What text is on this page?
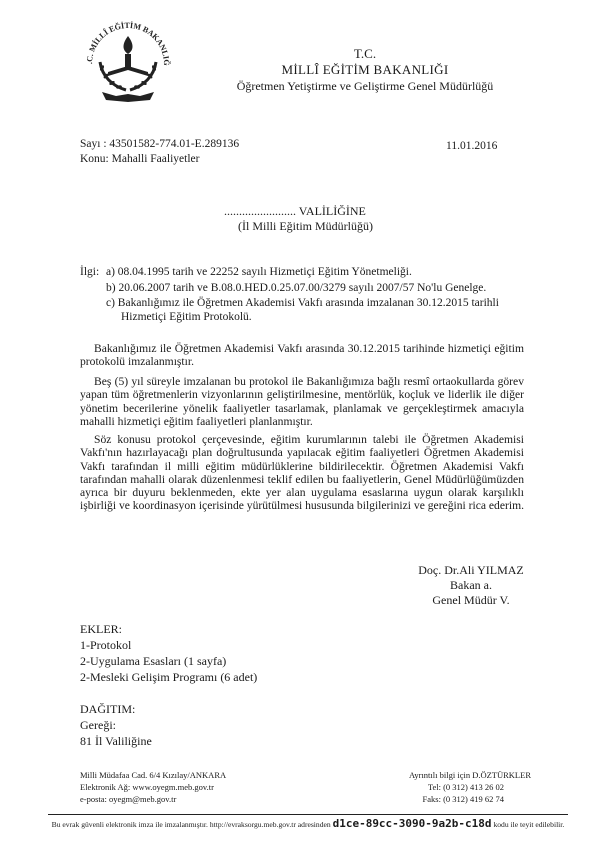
.C. MİLLÎ EĞİTİM BAKANLIĞ
T.C.
MİLLÎ EĞİTİM BAKANLIĞI
Öğretmen Yetiştirme ve Geliştirme Genel Müdürlüğü
Sayı : 43501582-774.01-E.289136
Konu: Mahalli Faaliyetler
11.01.2016
........................ VALİLİĞİNE
(İl Milli Eğitim Müdürlüğü)
İlgi: a) 08.04.1995 tarih ve 22252 sayılı Hizmetiçi Eğitim Yönetmeliği.
b) 20.06.2007 tarih ve B.08.0.HED.0.25.07.00/3279 sayılı 2007/57 No'lu Genelge.
c) Bakanlığımız ile Öğretmen Akademisi Vakfı arasında imzalanan 30.12.2015 tarihli
Hizmetiçi Eğitim Protokolü.

Bakanlığımız ile Öğretmen Akademisi Vakfı arasında 30.12.2015 tarihinde hizmetiçi eğitim protokolü imzalanmıştır.

Beş (5) yıl süreyle imzalanan bu protokol ile Bakanlığımıza bağlı resmî ortaokullarda görev yapan tüm öğretmenlerin vizyonlarının geliştirilmesine, mentörlük, koçluk ve liderlik ile diğer yönetim becerilerine yönelik faaliyetler tasarlamak, planlamak ve gerçekleştirmek amacıyla mahalli hizmetiçi eğitim faaliyetleri planlanmıştır.

Söz konusu protokol çerçevesinde, eğitim kurumlarının talebi ile Öğretmen Akademisi Vakfı'nın hazırlayacağı plan doğrultusunda yapılacak eğitim faaliyetleri Öğretmen Akademisi Vakfı tarafından il milli eğitim müdürlüklerine bildirilecektir. Öğretmen Akademisi Vakfı tarafından mahalli olarak düzenlenmesi teklif edilen bu faaliyetlerin, Genel Müdürlüğümüzden ayrıca bir duyuru beklenmeden, ekte yer alan uygulama esaslarına uygun olarak karşılıklı işbirliği ve koordinasyon içerisinde yürütülmesi hususunda bilgilerinizi ve gereğini rica ederim.

Doç. Dr.Ali YILMAZ
Bakan a.
Genel Müdür V.
EKLER:
1-Protokol
2-Uygulama Esasları (1 sayfa)
2-Mesleki Gelişim Programı (6 adet)
DAĞITIM:
Gereği:
81 İl Valiliğine
Milli Müdafaa Cad. 6/4 Kızılay/ANKARA
Elektronik Ağ: www.oyegm.meb.gov.tr
e-posta: oyegm@meb.gov.tr
Ayrıntılı bilgi için D.ÖZTÜRKLER
Tel: (0 312) 413 26 02
Faks: (0 312) 419 62 74
Bu evrak güvenli elektronik imza ile imzalanmıştır. http://evraksorgu.meb.gov.tr adresinden d1ce-89cc-3090-9a2b-c18d kodu ile teyit edilebilir.
